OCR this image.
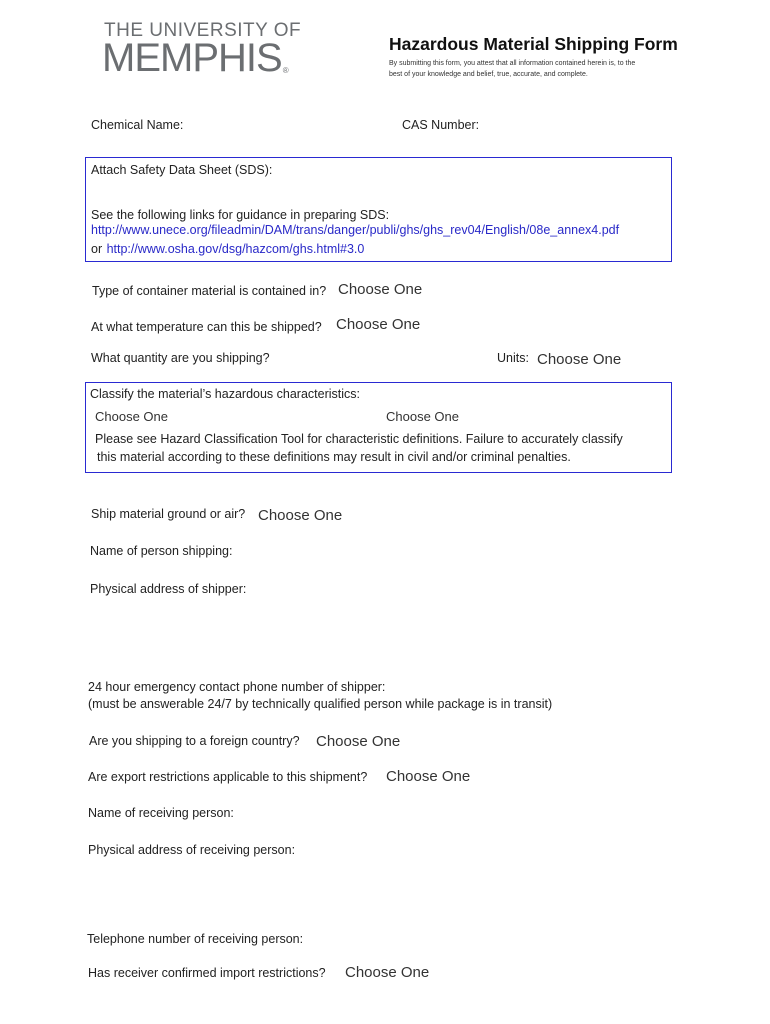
THE UNIVERSITY OF
MEMPHIS®
Hazardous Material Shipping Form
By submitting this form, you attest that all information contained herein is, to the best of your knowledge and belief, true, accurate, and complete.
Chemical Name:	CAS Number:
Attach Safety Data Sheet (SDS):
See the following links for guidance in preparing SDS:
http://www.unece.org/fileadmin/DAM/trans/danger/publi/ghs/ghs_rev04/English/08e_annex4.pdf
or http://www.osha.gov/dsg/hazcom/ghs.html#3.0
Type of container material is contained in? Choose One
At what temperature can this be shipped? Choose One
What quantity are you shipping?	Units: Choose One
Classify the material’s hazardous characteristics:
Choose One	Choose One
Please see Hazard Classification Tool for characteristic definitions. Failure to accurately classify
this material according to these definitions may result in civil and/or criminal penalties.
Ship material ground or air? Choose One
Name of person shipping:
Physical address of shipper:
24 hour emergency contact phone number of shipper:
(must be answerable 24/7 by technically qualified person while package is in transit)
Are you shipping to a foreign country? Choose One
Are export restrictions applicable to this shipment? Choose One
Name of receiving person:
Physical address of receiving person:
Telephone number of receiving person:
Has receiver confirmed import restrictions? Choose One
